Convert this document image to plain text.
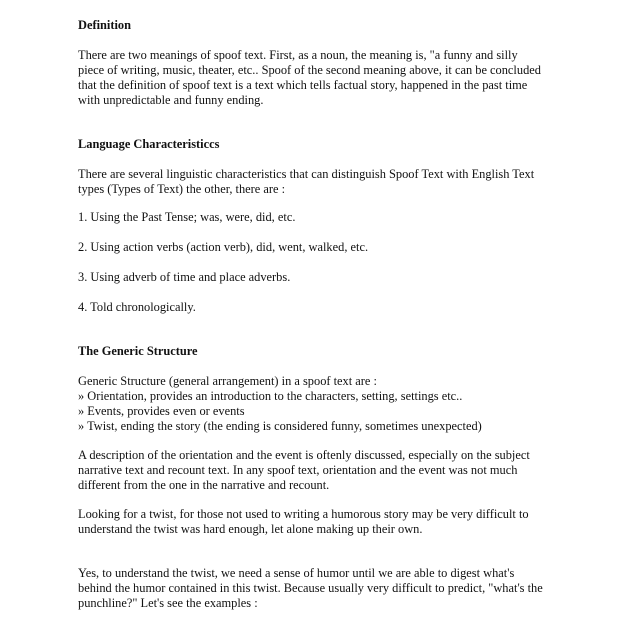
Definition
There are two meanings of spoof text. First, as a noun, the meaning is, "a funny and silly
piece of writing, music, theater, etc.. Spoof of the second meaning above, it can be concluded
that the definition of spoof text is a text which tells factual story, happened in the past time
with unpredictable and funny ending.
Language Characteristiccs
There are several linguistic characteristics that can distinguish Spoof Text with English Text
types (Types of Text) the other, there are :
1. Using the Past Tense; was, were, did, etc.
2. Using action verbs (action verb), did, went, walked, etc.
3. Using adverb of time and place adverbs.
4. Told chronologically.
The Generic Structure
Generic Structure (general arrangement) in a spoof text are :
» Orientation, provides an introduction to the characters, setting, settings etc..
» Events, provides even or events
» Twist, ending the story (the ending is considered funny, sometimes unexpected)
A description of the orientation and the event is oftenly discussed, especially on the subject
narrative text and recount text. In any spoof text, orientation and the event was not much
different from the one in the narrative and recount.
Looking for a twist, for those not used to writing a humorous story may be very difficult to
understand the twist was hard enough, let alone making up their own.
Yes, to understand the twist, we need a sense of humor until we are able to digest what's
behind the humor contained in this twist. Because usually very difficult to predict, "what's the
punchline?" Let's see the examples :
